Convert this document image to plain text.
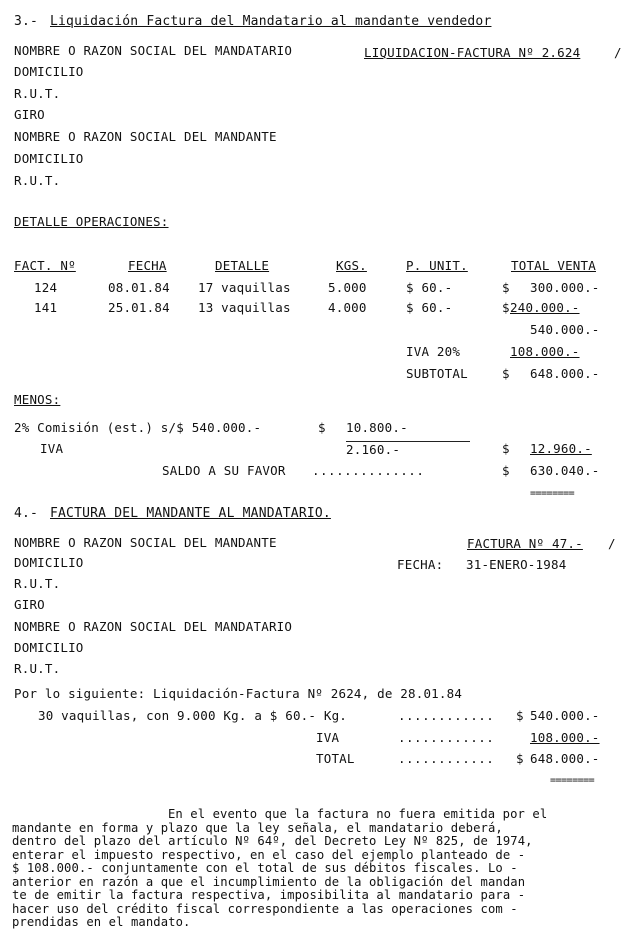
3.- Liquidación Factura del Mandatario al mandante vendedor
LIQUIDACION-FACTURA Nº 2.624	/
NOMBRE O RAZON SOCIAL DEL MANDATARIO
DOMICILIO
R.U.T.
GIRO
NOMBRE O RAZON SOCIAL DEL MANDANTE
DOMICILIO
R.U.T.
DETALLE OPERACIONES:
FACT. Nº	FECHA	DETALLE	KGS.	P. UNIT.	TOTAL VENTA
124	08.01.84 17 vaquillas	5.000	$ 60.-	$ 300.000.-
141	25.01.84 13 vaquillas	4.000	$ 60.-	$ 240.000.-
540.000.-
IVA 20%	108.000.-
SUBTOTAL	$ 648.000.-
MENOS:
2% Comisión (est.) s/$ 540.000.-	$ 10.800.-
IVA	2.160.-	$ 12.960.-
SALDO A SU FAVOR ..............	$ 630.040.-
========
4.- FACTURA DEL MANDANTE AL MANDATARIO.
FACTURA Nº 47.- /
FECHA: 31-ENERO-1984
NOMBRE O RAZON SOCIAL DEL MANDANTE
DOMICILIO
R.U.T.
GIRO
NOMBRE O RAZON SOCIAL DEL MANDATARIO
DOMICILIO
R.U.T.
Por lo siguiente: Liquidación-Factura Nº 2624, de 28.01.84
30 vaquillas, con 9.000 Kg. a $ 60.- Kg.	............ $ 540.000.-
IVA	............	108.000.-
TOTAL	............ $ 648.000.-
========
En el evento que la factura no fuera emitida por el
mandante en forma y plazo que la ley señala, el mandatario deberá,
dentro del plazo del artículo Nº 64º, del Decreto Ley Nº 825, de 1974,
enterar el impuesto respectivo, en el caso del ejemplo planteado de -
$ 108.000.- conjuntamente con el total de sus débitos fiscales. Lo -
anterior en razón a que el incumplimiento de la obligación del mandan
te de emitir la factura respectiva, imposibilita al mandatario para -
hacer uso del crédito fiscal correspondiente a las operaciones com -
prendidas en el mandato.
